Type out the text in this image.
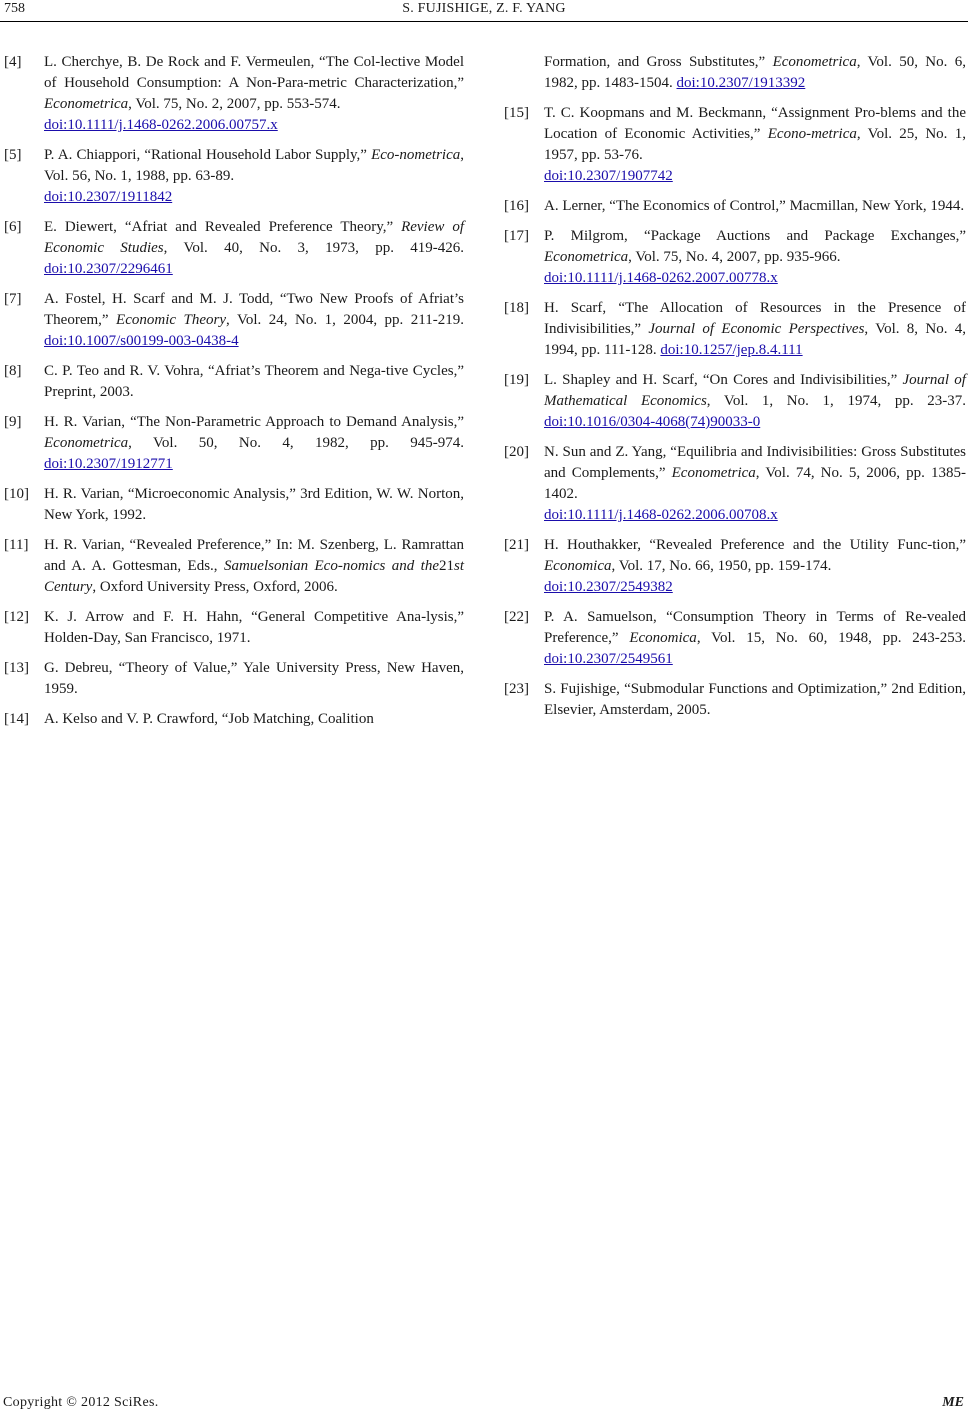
758	S. FUJISHIGE, Z. F. YANG
[4] L. Cherchye, B. De Rock and F. Vermeulen, “The Col-lective Model of Household Consumption: A Non-Para-metric Characterization,” Econometrica, Vol. 75, No. 2, 2007, pp. 553-574.
doi:10.1111/j.1468-0262.2006.00757.x
[5] P. A. Chiappori, “Rational Household Labor Supply,” Eco-nometrica, Vol. 56, No. 1, 1988, pp. 63-89.
doi:10.2307/1911842
[6] E. Diewert, “Afriat and Revealed Preference Theory,” Review of Economic Studies, Vol. 40, No. 3, 1973, pp. 419-426. doi:10.2307/2296461
[7] A. Fostel, H. Scarf and M. J. Todd, “Two New Proofs of Afriat’s Theorem,” Economic Theory, Vol. 24, No. 1, 2004, pp. 211-219. doi:10.1007/s00199-003-0438-4
[8] C. P. Teo and R. V. Vohra, “Afriat’s Theorem and Nega-tive Cycles,” Preprint, 2003.
[9] H. R. Varian, “The Non-Parametric Approach to Demand Analysis,” Econometrica, Vol. 50, No. 4, 1982, pp. 945-974. doi:10.2307/1912771
[10] H. R. Varian, “Microeconomic Analysis,” 3rd Edition, W. W. Norton, New York, 1992.
[11] H. R. Varian, “Revealed Preference,” In: M. Szenberg, L. Ramrattan and A. A. Gottesman, Eds., Samuelsonian Eco-nomics and the21st Century, Oxford University Press, Oxford, 2006.
[12] K. J. Arrow and F. H. Hahn, “General Competitive Ana-lysis,” Holden-Day, San Francisco, 1971.
[13] G. Debreu, “Theory of Value,” Yale University Press, New Haven, 1959.
[14] A. Kelso and V. P. Crawford, “Job Matching, Coalition
Formation, and Gross Substitutes,” Econometrica, Vol. 50, No. 6, 1982, pp. 1483-1504. doi:10.2307/1913392
[15] T. C. Koopmans and M. Beckmann, “Assignment Pro-blems and the Location of Economic Activities,” Econo-metrica, Vol. 25, No. 1, 1957, pp. 53-76.
doi:10.2307/1907742
[16] A. Lerner, “The Economics of Control,” Macmillan, New York, 1944.
[17] P. Milgrom, “Package Auctions and Package Exchanges,” Econometrica, Vol. 75, No. 4, 2007, pp. 935-966.
doi:10.1111/j.1468-0262.2007.00778.x
[18] H. Scarf, “The Allocation of Resources in the Presence of Indivisibilities,” Journal of Economic Perspectives, Vol. 8, No. 4, 1994, pp. 111-128. doi:10.1257/jep.8.4.111
[19] L. Shapley and H. Scarf, “On Cores and Indivisibilities,” Journal of Mathematical Economics, Vol. 1, No. 1, 1974, pp. 23-37. doi:10.1016/0304-4068(74)90033-0
[20] N. Sun and Z. Yang, “Equilibria and Indivisibilities: Gross Substitutes and Complements,” Econometrica, Vol. 74, No. 5, 2006, pp. 1385-1402.
doi:10.1111/j.1468-0262.2006.00708.x
[21] H. Houthakker, “Revealed Preference and the Utility Func-tion,” Economica, Vol. 17, No. 66, 1950, pp. 159-174.
doi:10.2307/2549382
[22] P. A. Samuelson, “Consumption Theory in Terms of Re-vealed Preference,” Economica, Vol. 15, No. 60, 1948, pp. 243-253. doi:10.2307/2549561
[23] S. Fujishige, “Submodular Functions and Optimization,” 2nd Edition, Elsevier, Amsterdam, 2005.
Copyright © 2012 SciRes.	ME
